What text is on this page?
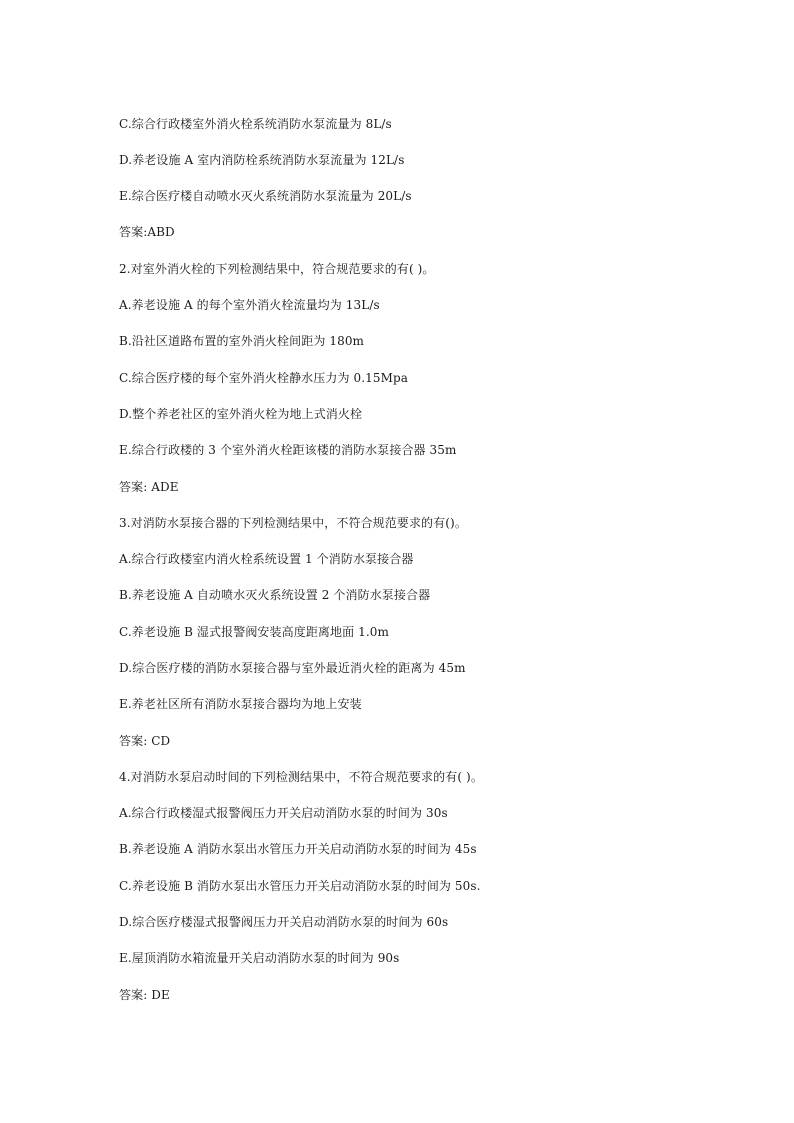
C.综合行政楼室外消火栓系统消防水泵流量为 8L/s
D.养老设施 A 室内消防栓系统消防水泵流量为 12L/s
E.综合医疗楼自动喷水灭火系统消防水泵流量为 20L/s
答案:ABD
2.对室外消火栓的下列检测结果中，符合规范要求的有( )。
A.养老设施 A 的每个室外消火栓流量均为 13L/s
B.沿社区道路布置的室外消火栓间距为 180m
C.综合医疗楼的每个室外消火栓静水压力为 0.15Mpa
D.整个养老社区的室外消火栓为地上式消火栓
E.综合行政楼的 3 个室外消火栓距该楼的消防水泵接合器 35m
答案: ADE
3.对消防水泵接合器的下列检测结果中，不符合规范要求的有()。
A.综合行政楼室内消火栓系统设置 1 个消防水泵接合器
B.养老设施 A 自动喷水灭火系统设置 2 个消防水泵接合器
C.养老设施 B 湿式报警阀安装高度距离地面 1.0m
D.综合医疗楼的消防水泵接合器与室外最近消火栓的距离为 45m
E.养老社区所有消防水泵接合器均为地上安装
答案: CD
4.对消防水泵启动时间的下列检测结果中，不符合规范要求的有( )。
A.综合行政楼湿式报警阀压力开关启动消防水泵的时间为 30s
B.养老设施 A 消防水泵出水管压力开关启动消防水泵的时间为 45s
C.养老设施 B 消防水泵出水管压力开关启动消防水泵的时间为 50s.
D.综合医疗楼湿式报警阀压力开关启动消防水泵的时间为 60s
E.屋顶消防水箱流量开关启动消防水泵的时间为 90s
答案: DE
